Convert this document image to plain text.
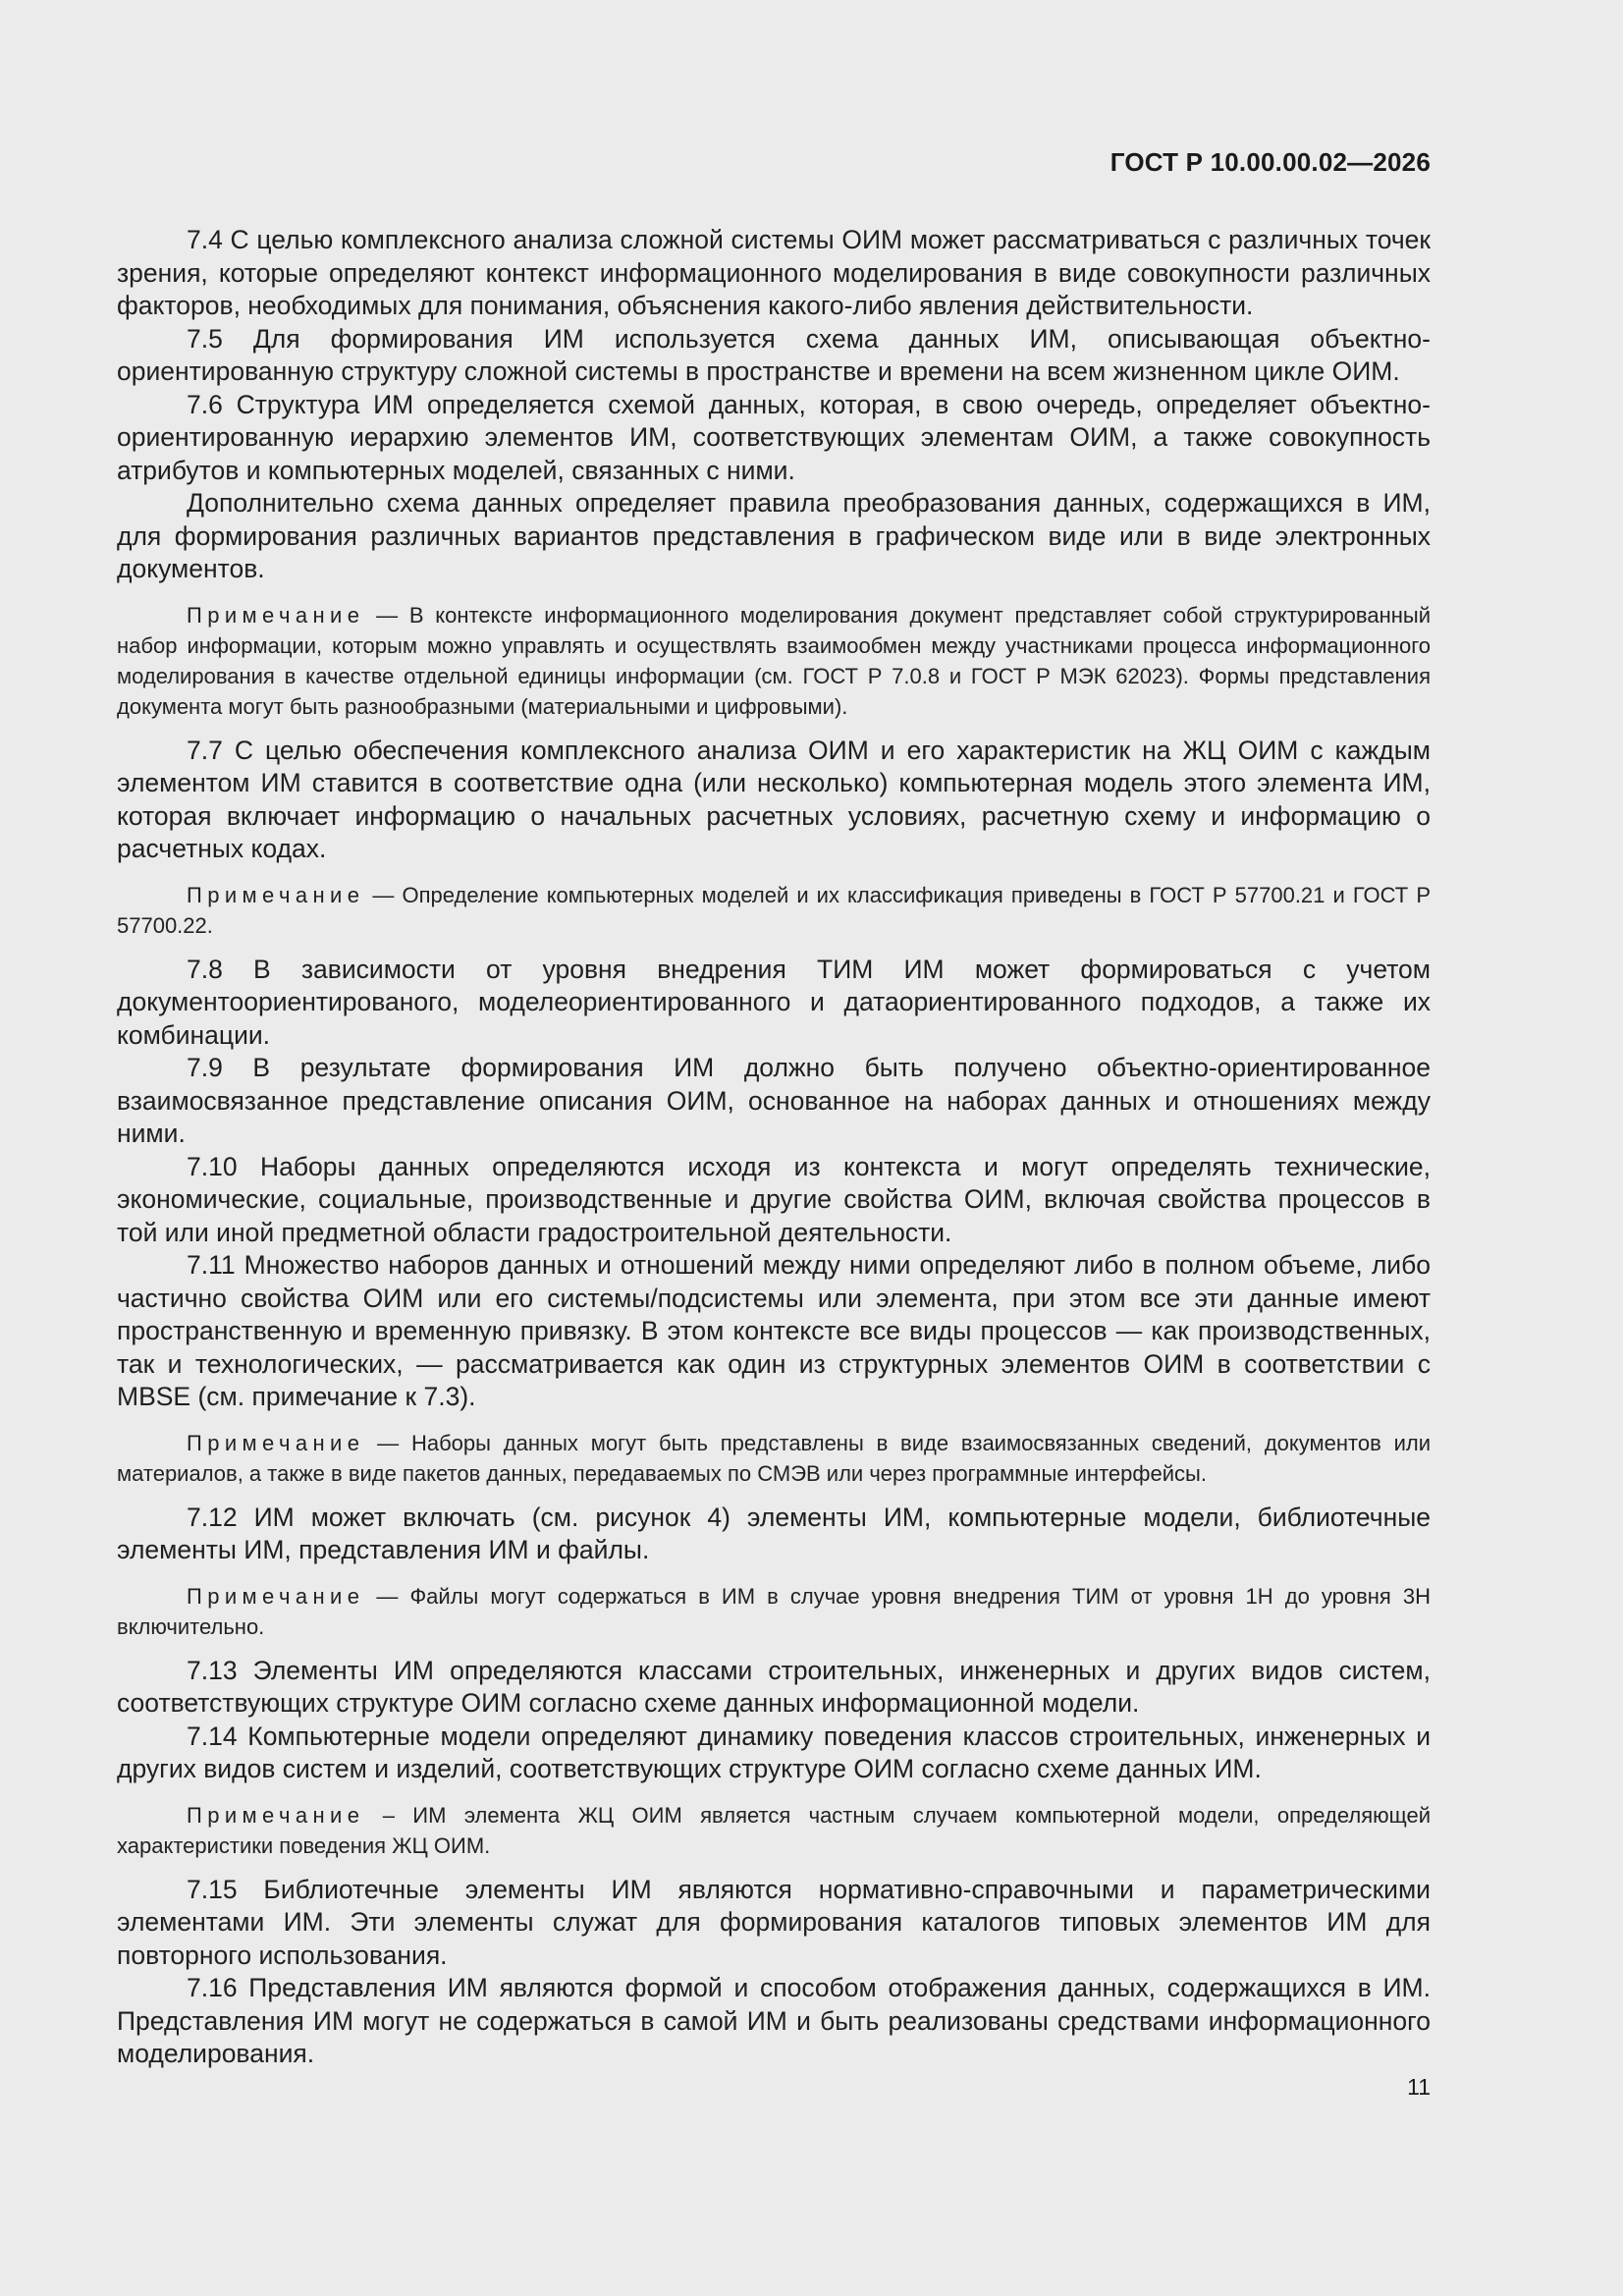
ГОСТ Р 10.00.00.02—2026

7.4 С целью комплексного анализа сложной системы ОИМ может рассматриваться с различных точек зрения, которые определяют контекст информационного моделирования в виде совокупности различных факторов, необходимых для понимания, объяснения какого-либо явления действительности.

7.5 Для формирования ИМ используется схема данных ИМ, описывающая объектно-ориентированную структуру сложной системы в пространстве и времени на всем жизненном цикле ОИМ.

7.6 Структура ИМ определяется схемой данных, которая, в свою очередь, определяет объектно-ориентированную иерархию элементов ИМ, соответствующих элементам ОИМ, а также совокупность атрибутов и компьютерных моделей, связанных с ними.

Дополнительно схема данных определяет правила преобразования данных, содержащихся в ИМ, для формирования различных вариантов представления в графическом виде или в виде электронных документов.

Примечание — В контексте информационного моделирования документ представляет собой структурированный набор информации, которым можно управлять и осуществлять взаимообмен между участниками процесса информационного моделирования в качестве отдельной единицы информации (см. ГОСТ Р 7.0.8 и ГОСТ Р МЭК 62023). Формы представления документа могут быть разнообразными (материальными и цифровыми).

7.7 С целью обеспечения комплексного анализа ОИМ и его характеристик на ЖЦ ОИМ с каждым элементом ИМ ставится в соответствие одна (или несколько) компьютерная модель этого элемента ИМ, которая включает информацию о начальных расчетных условиях, расчетную схему и информацию о расчетных кодах.

Примечание — Определение компьютерных моделей и их классификация приведены в ГОСТ Р 57700.21 и ГОСТ Р 57700.22.

7.8 В зависимости от уровня внедрения ТИМ ИМ может формироваться с учетом документоориентированого, моделеориентированного и датаориентированного подходов, а также их комбинации.

7.9 В результате формирования ИМ должно быть получено объектно-ориентированное взаимосвязанное представление описания ОИМ, основанное на наборах данных и отношениях между ними.

7.10 Наборы данных определяются исходя из контекста и могут определять технические, экономические, социальные, производственные и другие свойства ОИМ, включая свойства процессов в той или иной предметной области градостроительной деятельности.

7.11 Множество наборов данных и отношений между ними определяют либо в полном объеме, либо частично свойства ОИМ или его системы/подсистемы или элемента, при этом все эти данные имеют пространственную и временную привязку. В этом контексте все виды процессов — как производственных, так и технологических, — рассматривается как один из структурных элементов ОИМ в соответствии с MBSE (см. примечание к 7.3).

Примечание — Наборы данных могут быть представлены в виде взаимосвязанных сведений, документов или материалов, а также в виде пакетов данных, передаваемых по СМЭВ или через программные интерфейсы.

7.12 ИМ может включать (см. рисунок 4) элементы ИМ, компьютерные модели, библиотечные элементы ИМ, представления ИМ и файлы.

Примечание — Файлы могут содержаться в ИМ в случае уровня внедрения ТИМ от уровня 1Н до уровня 3Н включительно.

7.13 Элементы ИМ определяются классами строительных, инженерных и других видов систем, соответствующих структуре ОИМ согласно схеме данных информационной модели.

7.14 Компьютерные модели определяют динамику поведения классов строительных, инженерных и других видов систем и изделий, соответствующих структуре ОИМ согласно схеме данных ИМ.

Примечание – ИМ элемента ЖЦ ОИМ является частным случаем компьютерной модели, определяющей характеристики поведения ЖЦ ОИМ.

7.15 Библиотечные элементы ИМ являются нормативно-справочными и параметрическими элементами ИМ. Эти элементы служат для формирования каталогов типовых элементов ИМ для повторного использования.

7.16 Представления ИМ являются формой и способом отображения данных, содержащихся в ИМ. Представления ИМ могут не содержаться в самой ИМ и быть реализованы средствами информационного моделирования.

11
